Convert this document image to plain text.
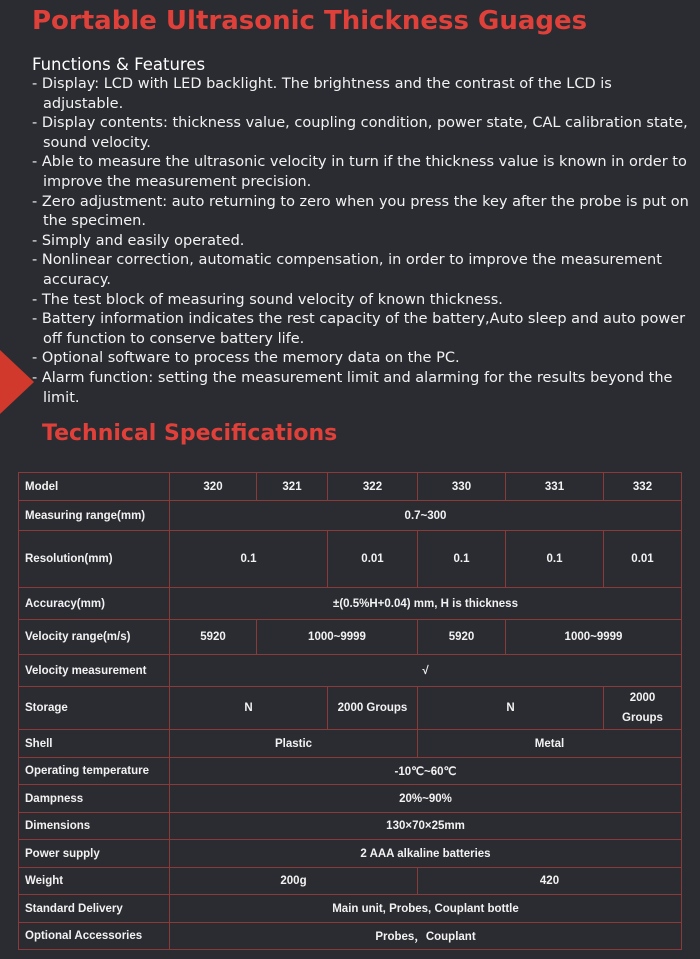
Portable Ultrasonic Thickness Guages
Functions & Features
- Display: LCD with LED backlight. The brightness and the contrast of the LCD is adjustable.
- Display contents: thickness value, coupling condition, power state, CAL calibration state, sound velocity.
- Able to measure the ultrasonic velocity in turn if the thickness value is known in order to improve the measurement precision.
- Zero adjustment: auto returning to zero when you press the key after the probe is put on the specimen.
- Simply and easily operated.
- Nonlinear correction, automatic compensation, in order to improve the measurement accuracy.
- The test block of measuring sound velocity of known thickness.
- Battery information indicates the rest capacity of the battery,Auto sleep and auto power off function to conserve battery life.
- Optional software to process the memory data on the PC.
- Alarm function: setting the measurement limit and alarming for the results beyond the limit.
Technical Specifications
Model	320	321	322	330	331	332
Measuring range(mm)	0.7~300					
Resolution(mm)	0.1		0.01	0.1	0.1	0.01
Accuracy(mm)	±(0.5%H+0.04) mm, H is thickness					
Velocity range(m/s)	5920	1000~9999		5920	1000~9999	
Velocity measurement	√					
Storage	N		2000 Groups	N		2000 Groups
Shell	Plastic			Metal		
Operating temperature	-10℃~60℃					
Dampness	20%~90%					
Dimensions	130×70×25mm					
Power supply	2 AAA alkaline batteries					
Weight	200g			420		
Standard Delivery	Main unit, Probes, Couplant bottle					
Optional Accessories	Probes，Couplant					
